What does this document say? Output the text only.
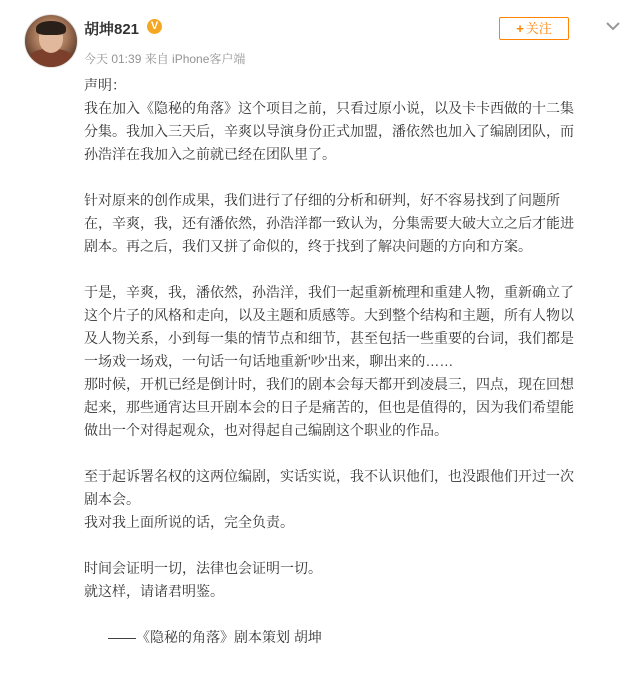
胡坤821	V
今天 01:39 来自 iPhone客户端
+ 关注

声明：

我在加入《隐秘的角落》这个项目之前，只看过原小说，以及卡卡西做的十二集

分集。我加入三天后，辛爽以导演身份正式加盟，潘依然也加入了编剧团队，而

孙浩洋在我加入之前就已经在团队里了。

针对原来的创作成果，我们进行了仔细的分析和研判，好不容易找到了问题所

在，辛爽，我，还有潘依然，孙浩洋都一致认为，分集需要大破大立之后才能进

剧本。再之后，我们又拼了命似的，终于找到了解决问题的方向和方案。

于是，辛爽，我，潘依然，孙浩洋，我们一起重新梳理和重建人物，重新确立了

这个片子的风格和走向，以及主题和质感等。大到整个结构和主题，所有人物以

及人物关系，小到每一集的情节点和细节，甚至包括一些重要的台词，我们都是

一场戏一场戏，一句话一句话地重新'吵'出来，聊出来的……

那时候，开机已经是倒计时，我们的剧本会每天都开到凌晨三，四点，现在回想

起来，那些通宵达旦开剧本会的日子是痛苦的，但也是值得的，因为我们希望能

做出一个对得起观众，也对得起自己编剧这个职业的作品。

至于起诉署名权的这两位编剧，实话实说，我不认识他们，也没跟他们开过一次

剧本会。

我对我上面所说的话，完全负责。

时间会证明一切，法律也会证明一切。

就这样，请诸君明鉴。

——《隐秘的角落》剧本策划 胡坤
